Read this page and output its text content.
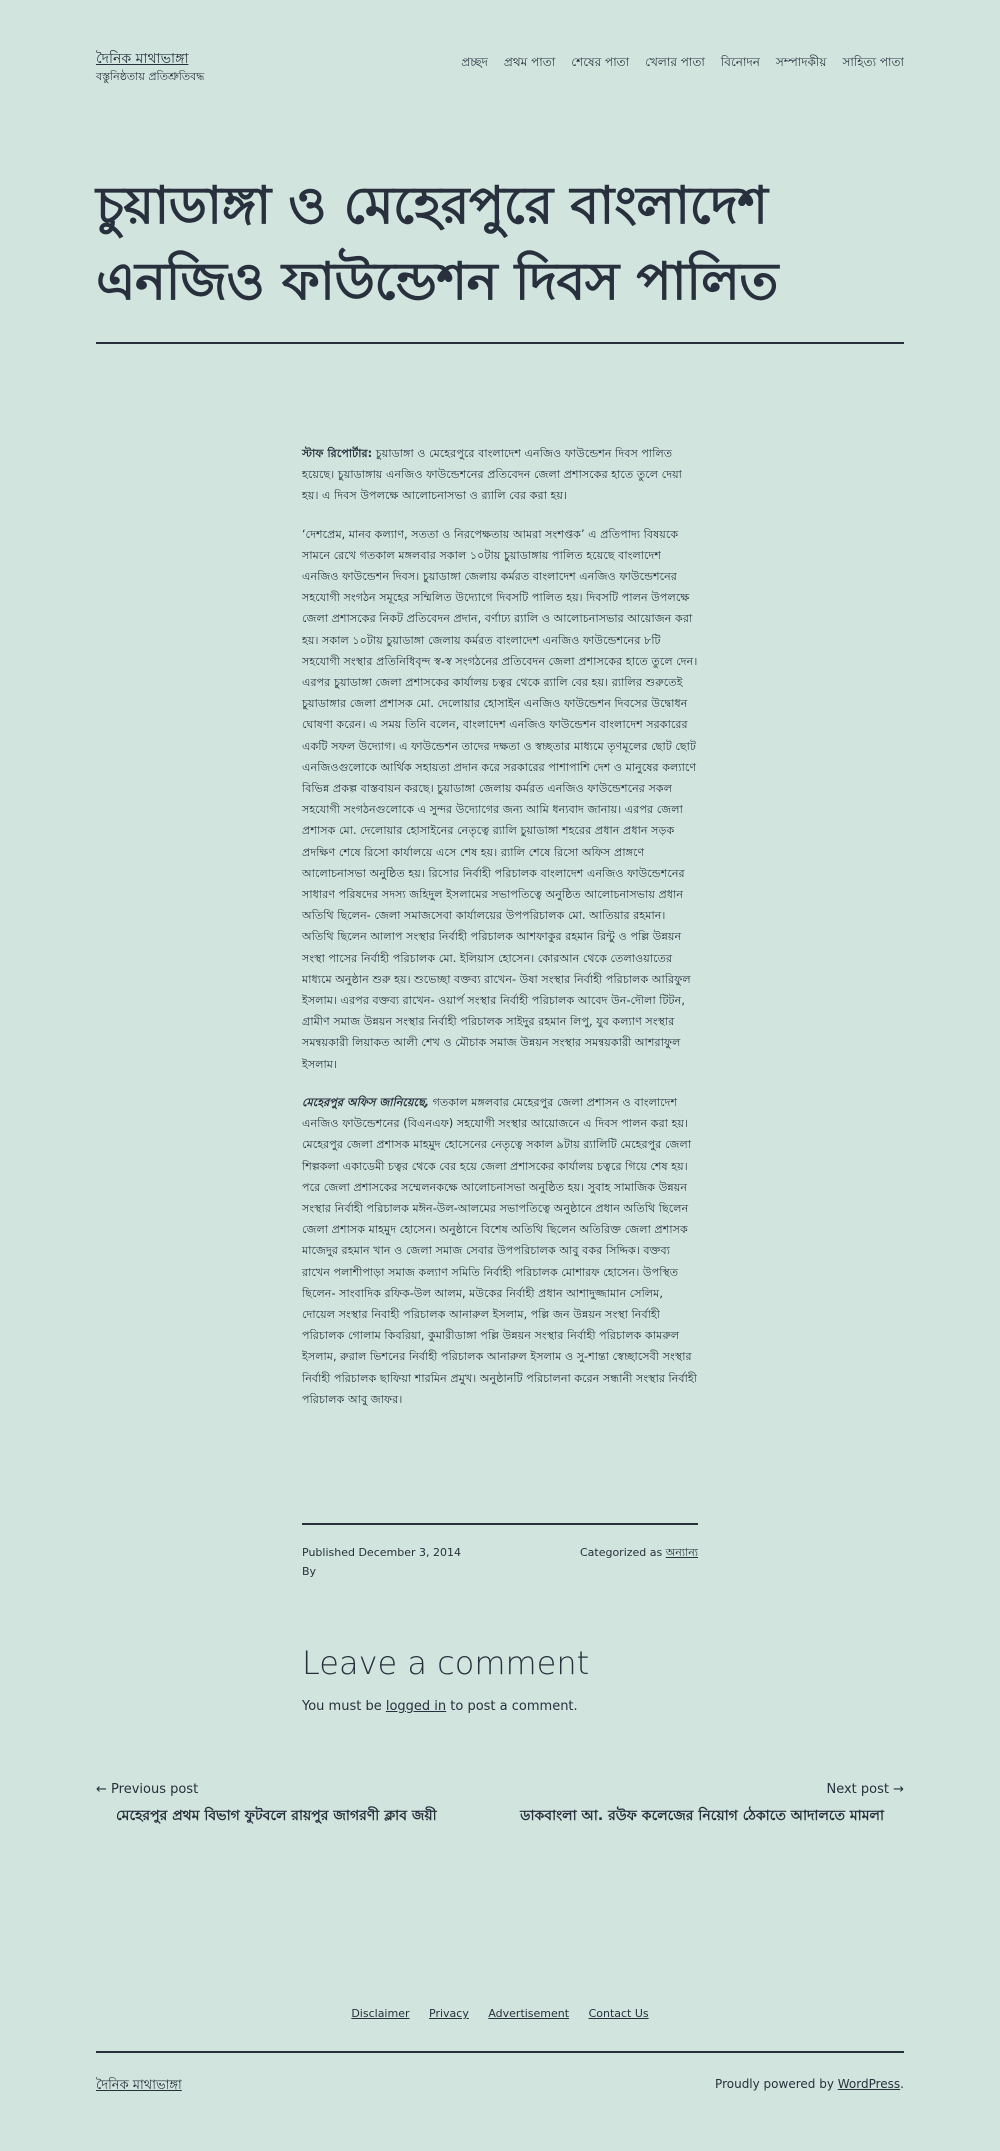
দৈনিক মাথাভাঙ্গা
বস্তুনিষ্ঠতায় প্রতিশ্রুতিবদ্ধ
প্রচ্ছদ প্রথম পাতা শেষের পাতা খেলার পাতা বিনোদন সম্পাদকীয় সাহিত্য পাতা
চুয়াডাঙ্গা ও মেহেরপুরে বাংলাদেশ এনজিও ফাউন্ডেশন দিবস পালিত

স্টাফ রিপোর্টার: চুয়াডাঙ্গা ও মেহেরপুরে বাংলাদেশ এনজিও ফাউন্ডেশন দিবস পালিত হয়েছে। চুয়াডাঙ্গায় এনজিও ফাউন্ডেশনের প্রতিবেদন জেলা প্রশাসকের হাতে তুলে দেয়া হয়। এ দিবস উপলক্ষে আলোচনাসভা ও র‌্যালি বের করা হয়।

‘দেশপ্রেম, মানব কল্যাণ, সততা ও নিরপেক্ষতায় আমরা সংশপ্তক’ এ প্রতিপাদ্য বিষয়কে সামনে রেখে গতকাল মঙ্গলবার সকাল ১০টায় চুয়াডাঙ্গায় পালিত হয়েছে বাংলাদেশ এনজিও ফাউন্ডেশন দিবস। চুয়াডাঙ্গা জেলায় কর্মরত বাংলাদেশ এনজিও ফাউন্ডেশনের সহযোগী সংগঠন সমূহের সম্মিলিত উদ্যোগে দিবসটি পালিত হয়। দিবসটি পালন উপলক্ষে জেলা প্রশাসকের নিকট প্রতিবেদন প্রদান, বর্ণাঢ্য র‌্যালি ও আলোচনাসভার আয়োজন করা হয়। সকাল ১০টায় চুয়াডাঙ্গা জেলায় কর্মরত বাংলাদেশ এনজিও ফাউন্ডেশনের ৮টি সহযোগী সংস্থার প্রতিনিধিবৃন্দ স্ব-স্ব সংগঠনের প্রতিবেদন জেলা প্রশাসকের হাতে তুলে দেন। এরপর চুয়াডাঙ্গা জেলা প্রশাসকের কার্যালয় চত্বর থেকে র‌্যালি বের হয়। র‌্যালির শুরুতেই চুয়াডাঙ্গার জেলা প্রশাসক মো. দেলোয়ার হোসাইন এনজিও ফাউন্ডেশন দিবসের উদ্বোধন ঘোষণা করেন। এ সময় তিনি বলেন, বাংলাদেশ এনজিও ফাউন্ডেশন বাংলাদেশ সরকারের একটি সফল উদ্যোগ। এ ফাউন্ডেশন তাদের দক্ষতা ও স্বচ্ছতার মাধ্যমে তৃণমূলের ছোট ছোট এনজিওগুলোকে আর্থিক সহায়তা প্রদান করে সরকারের পাশাপাশি দেশ ও মানুষের কল্যাণে বিভিন্ন প্রকল্প বাস্তবায়ন করছে। চুয়াডাঙ্গা জেলায় কর্মরত এনজিও ফাউন্ডেশনের সকল সহযোগী সংগঠনগুলোকে এ সুন্দর উদ্যোগের জন্য আমি ধন্যবাদ জানায়। এরপর জেলা প্রশাসক মো. দেলোয়ার হোসাইনের নেতৃত্বে র‌্যালি চুয়াডাঙ্গা শহরের প্রধান প্রধান সড়ক প্রদক্ষিণ শেষে রিসো কার্যালয়ে এসে শেষ হয়। র‌্যালি শেষে রিসো অফিস প্রাঙ্গণে আলোচনাসভা অনুষ্ঠিত হয়। রিসোর নির্বাহী পরিচালক বাংলাদেশ এনজিও ফাউন্ডেশনের সাধারণ পরিষদের সদস্য জহিদুল ইসলামের সভাপতিত্বে অনুষ্ঠিত আলোচনাসভায় প্রধান অতিথি ছিলেন- জেলা সমাজসেবা কার্যালয়ের উপপরিচালক মো. আতিয়ার রহমান। অতিথি ছিলেন আলাপ সংস্থার নির্বাহী পরিচালক আশফাকুর রহমান রিন্টু ও পল্লি উন্নয়ন সংস্থা পাসের নির্বাহী পরিচালক মো. ইলিয়াস হোসেন। কোরআন থেকে তেলাওয়াতের মাধ্যমে অনুষ্ঠান শুরু হয়। শুভেচ্ছা বক্তব্য রাখেন- উষা সংস্থার নির্বাহী পরিচালক আরিফুল ইসলাম। এরপর বক্তব্য রাখেন- ওয়ার্প সংস্থার নির্বাহী পরিচালক আবেদ উন-দৌলা টিটন, গ্রামীণ সমাজ উন্নয়ন সংস্থার নির্বাহী পরিচালক সাইদুর রহমান লিপু, যুব কল্যাণ সংস্থার সমন্বয়কারী লিয়াকত আলী শেখ ও মৌচাক সমাজ উন্নয়ন সংস্থার সমন্বয়কারী আশরাফুল ইসলাম।

মেহেরপুর অফিস জানিয়েছে, গতকাল মঙ্গলবার মেহেরপুর জেলা প্রশাসন ও বাংলাদেশ এনজিও ফাউন্ডেশনের (বিএনএফ) সহযোগী সংস্থার আয়োজনে এ দিবস পালন করা হয়। মেহেরপুর জেলা প্রশাসক মাহমুদ হোসেনের নেতৃত্বে সকাল ৯টায় র‌্যালিটি মেহেরপুর জেলা শিল্পকলা একাডেমী চত্বর থেকে বের হয়ে জেলা প্রশাসকের কার্যালয় চত্বরে গিয়ে শেষ হয়। পরে জেলা প্রশাসকের সম্মেলনকক্ষে আলোচনাসভা অনুষ্ঠিত হয়। সুবাহ সামাজিক উন্নয়ন সংস্থার নির্বাহী পরিচালক মঈন-উল-আলমের সভাপতিত্বে অনুষ্ঠানে প্রধান অতিথি ছিলেন জেলা প্রশাসক মাহমুদ হোসেন। অনুষ্ঠানে বিশেষ অতিথি ছিলেন অতিরিক্ত জেলা প্রশাসক মাজেদুর রহমান খান ও জেলা সমাজ সেবার উপপরিচালক আবু বকর সিদ্দিক। বক্তব্য রাখেন পলাশীপাড়া সমাজ কল্যাণ সমিতি নির্বাহী পরিচালক মোশারফ হোসেন। উপস্থিত ছিলেন- সাংবাদিক রফিক-উল আলম, মউকের নির্বাহী প্রধান আশাদুজ্জামান সেলিম, দোয়েল সংস্থার নিবাহী পরিচালক আনারুল ইসলাম, পল্লি জন উন্নয়ন সংস্থা নির্বাহী পরিচালক গোলাম কিবরিয়া, কুমারীডাঙ্গা পল্লি উন্নয়ন সংস্থার নির্বাহী পরিচালক কামরুল ইসলাম, রুরাল ভিশনের নির্বাহী পরিচালক আনারুল ইসলাম ও সু-শান্তা স্বেচ্ছাসেবী সংস্থার নির্বাহী পরিচালক ছাফিয়া শারমিন প্রমুখ। অনুষ্ঠানটি পরিচালনা করেন সন্ধানী সংস্থার নির্বাহী পরিচালক আবু জাফর।

Published December 3, 2014
By
Categorized as অন্যান্য
Leave a comment

You must be logged in to post a comment.

← Previous post
মেহেরপুর প্রথম বিভাগ ফুটবলে রায়পুর জাগরণী ক্লাব জয়ী
Next post →
ডাকবাংলা আ. রউফ কলেজের নিয়োগ ঠেকাতে আদালতে মামলা
Disclaimer Privacy Advertisement Contact Us
দৈনিক মাথাভাঙ্গা	Proudly powered by WordPress.
